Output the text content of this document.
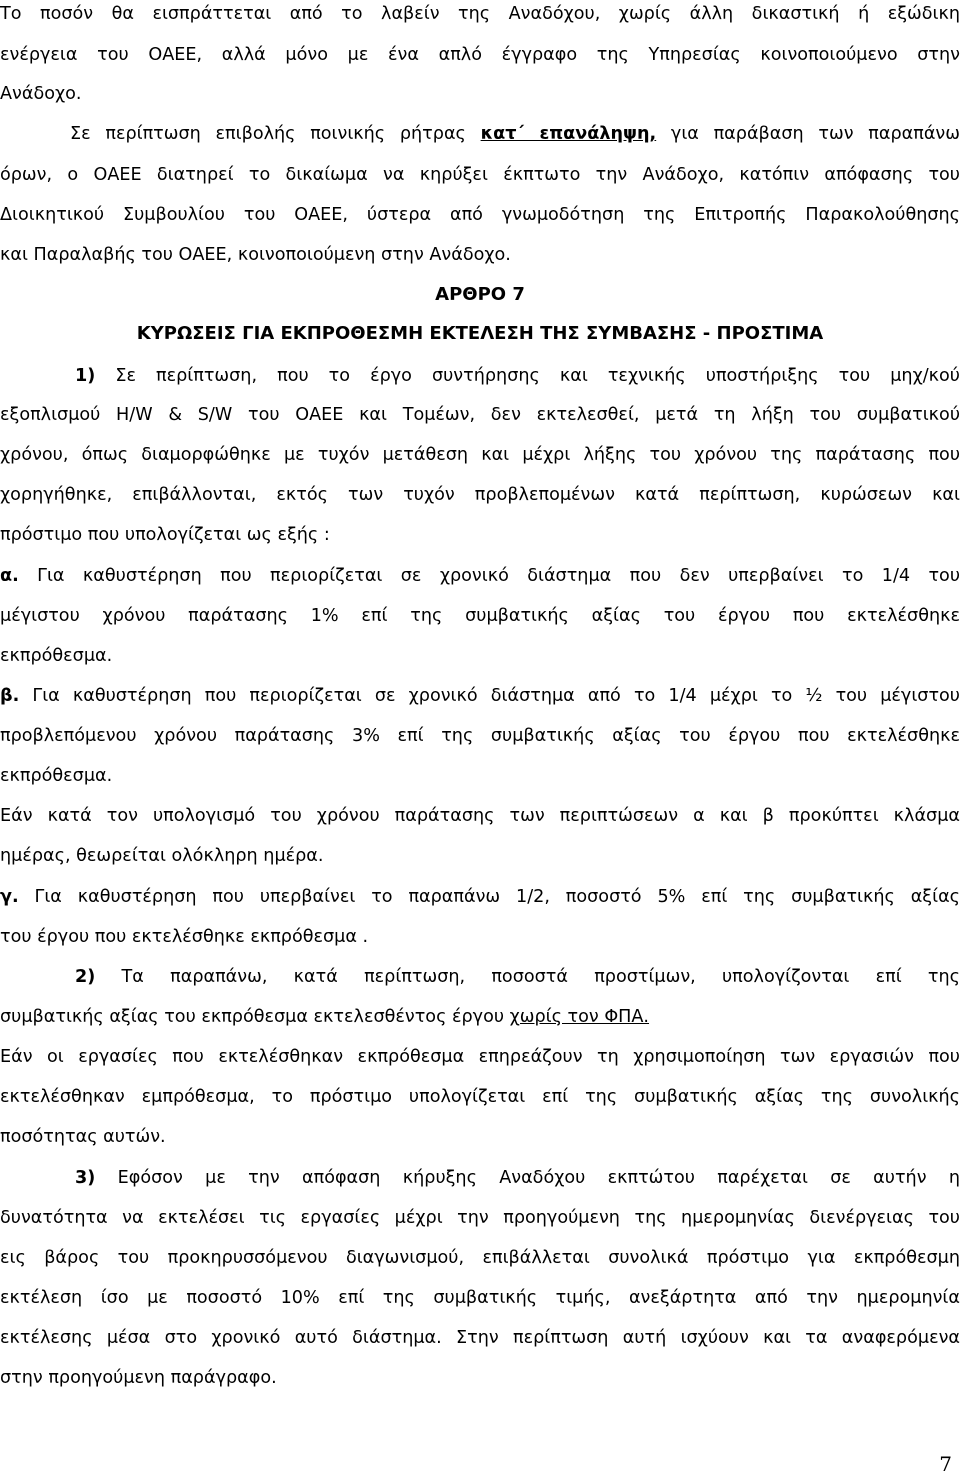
Το ποσόν θα εισπράττεται από το λαβείν της Αναδόχου, χωρίς άλλη δικαστική ή εξώδικη
ενέργεια του ΟΑΕΕ, αλλά μόνο με ένα απλό έγγραφο της Υπηρεσίας κοινοποιούμενο στην
Ανάδοχο.
Σε περίπτωση επιβολής ποινικής ρήτρας κατ΄ επανάληψη, για παράβαση των παραπάνω
όρων, ο ΟΑΕΕ διατηρεί το δικαίωμα να κηρύξει έκπτωτο την Ανάδοχο, κατόπιν απόφασης του
Διοικητικού Συμβουλίου του ΟΑΕΕ, ύστερα από γνωμοδότηση της Επιτροπής Παρακολούθησης
και Παραλαβής του ΟΑΕΕ, κοινοποιούμενη στην Ανάδοχο.
ΑΡΘΡΟ 7
ΚΥΡΩΣΕΙΣ ΓΙΑ ΕΚΠΡΟΘΕΣΜΗ ΕΚΤΕΛΕΣΗ ΤΗΣ ΣΥΜΒΑΣΗΣ - ΠΡΟΣΤΙΜΑ
1) Σε περίπτωση, που το έργο συντήρησης και τεχνικής υποστήριξης του μηχ/κού
εξοπλισμού H/W & S/W του ΟΑΕΕ και Τομέων, δεν εκτελεσθεί, μετά τη λήξη του συμβατικού
χρόνου, όπως διαμορφώθηκε με τυχόν μετάθεση και μέχρι λήξης του χρόνου της παράτασης που
χορηγήθηκε, επιβάλλονται, εκτός των τυχόν προβλεπομένων κατά περίπτωση, κυρώσεων και
πρόστιμο που υπολογίζεται ως εξής :
α. Για καθυστέρηση που περιορίζεται σε χρονικό διάστημα που δεν υπερβαίνει το 1/4 του
μέγιστου χρόνου παράτασης 1% επί της συμβατικής αξίας του έργου που εκτελέσθηκε
εκπρόθεσμα.
β. Για καθυστέρηση που περιορίζεται σε χρονικό διάστημα από το 1/4 μέχρι το ½ του μέγιστου
προβλεπόμενου χρόνου παράτασης 3% επί της συμβατικής αξίας του έργου που εκτελέσθηκε
εκπρόθεσμα.
Εάν κατά τον υπολογισμό του χρόνου παράτασης των περιπτώσεων α και β προκύπτει κλάσμα
ημέρας, θεωρείται ολόκληρη ημέρα.
γ. Για καθυστέρηση που υπερβαίνει το παραπάνω 1/2, ποσοστό 5% επί της συμβατικής αξίας
του έργου που εκτελέσθηκε εκπρόθεσμα .
2) Τα παραπάνω, κατά περίπτωση, ποσοστά προστίμων, υπολογίζονται επί της
συμβατικής αξίας του εκπρόθεσμα εκτελεσθέντος έργου χωρίς τον ΦΠΑ.
Εάν οι εργασίες που εκτελέσθηκαν εκπρόθεσμα επηρεάζουν τη χρησιμοποίηση των εργασιών που
εκτελέσθηκαν εμπρόθεσμα, το πρόστιμο υπολογίζεται επί της συμβατικής αξίας της συνολικής
ποσότητας αυτών.
3) Εφόσον με την απόφαση κήρυξης Αναδόχου εκπτώτου παρέχεται σε αυτήν η
δυνατότητα να εκτελέσει τις εργασίες μέχρι την προηγούμενη της ημερομηνίας διενέργειας του
εις βάρος του προκηρυσσόμενου διαγωνισμού, επιβάλλεται συνολικά πρόστιμο για εκπρόθεσμη
εκτέλεση ίσο με ποσοστό 10% επί της συμβατικής τιμής, ανεξάρτητα από την ημερομηνία
εκτέλεσης μέσα στο χρονικό αυτό διάστημα. Στην περίπτωση αυτή ισχύουν και τα αναφερόμενα
στην προηγούμενη παράγραφο.
7
